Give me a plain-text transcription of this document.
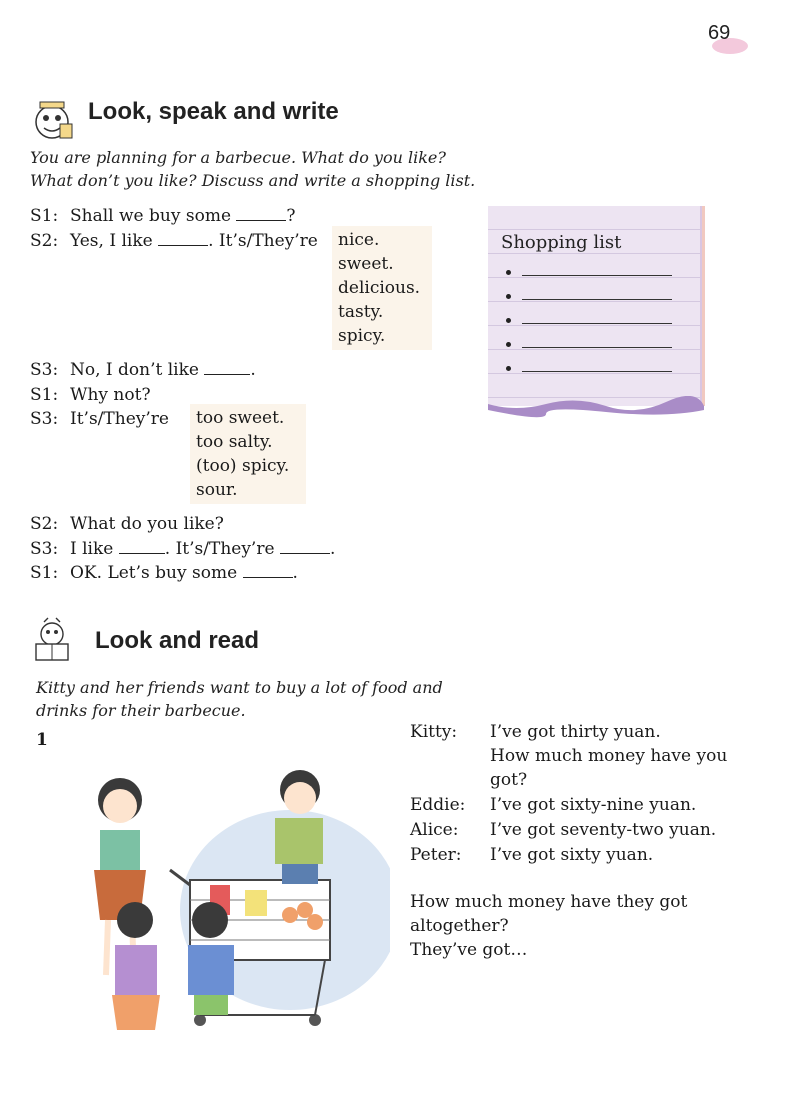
69
Look, speak and write
You are planning for a barbecue. What do you like?
What don’t you like? Discuss and write a shopping list.
S1: Shall we buy some	?
S2: Yes, I like	. It’s/They’re nice.
sweet.
delicious.
tasty.
spicy.
S3: No, I don’t like	.
S1: Why not?
S3: It’s/They’re too sweet.
too salty.
(too) spicy.
sour.
S2: What do you like?
S3: I like	. It’s/They’re	.
S1: OK. Let’s buy some	.
Shopping list
Look and read
Kitty and her friends want to buy a lot of food and
drinks for their barbecue.
1	Kitty: I’ve got thirty yuan.
How much money have you
got?
Eddie: I’ve got sixty-nine yuan.
Alice: I’ve got seventy-two yuan.
Peter: I’ve got sixty yuan.
How much money have they got
altogether?
They’ve got…
